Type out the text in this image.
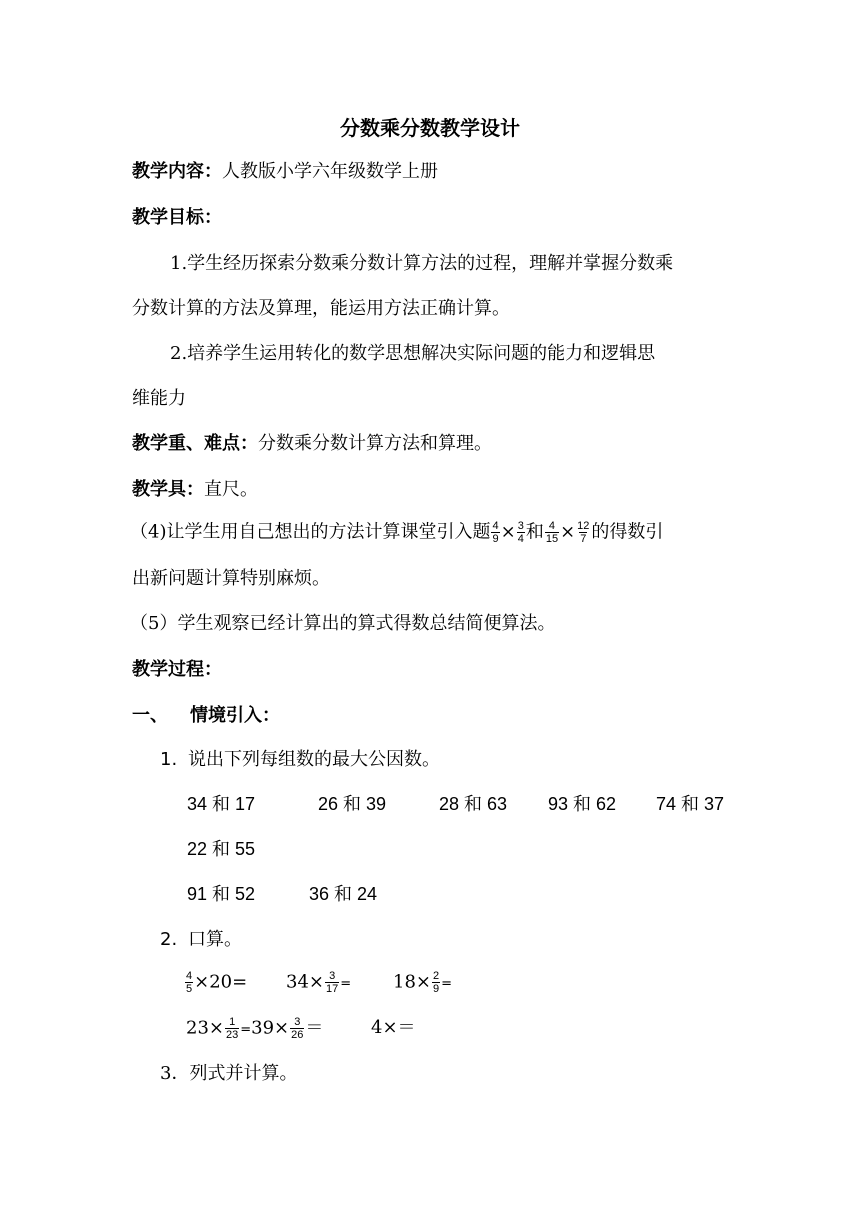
分数乘分数教学设计
教学内容：人教版小学六年级数学上册
教学目标：
1.学生经历探索分数乘分数计算方法的过程，理解并掌握分数乘
分数计算的方法及算理，能运用方法正确计算。
2.培养学生运用转化的数学思想解决实际问题的能力和逻辑思
维能力
教学重、难点：分数乘分数计算方法和算理。
教学具：直尺。
（4)让学生用自己想出的方法计算课堂引入题 $\frac{4}{9} \times \frac{3}{4}$ 和 $\frac{4}{15} \times \frac{12}{7}$ 的得数引
出新问题计算特别麻烦。
（5）学生观察已经计算出的算式得数总结简便算法。
教学过程：
一、 情境引入：
1. 说出下列每组数的最大公因数。
34 和 17	26 和 39	28 和 63 93 和 62 74 和 37
22 和 55
91 和 52	36 和 24
2. 口算。
$\frac{4}{5} \times 20= 34\times \frac{3}{17} = 18\times \frac{2}{9}$ =
$23\times \frac{1}{23} =39\times \frac{3}{26}$ ＝	4×＝
3．列式并计算。
